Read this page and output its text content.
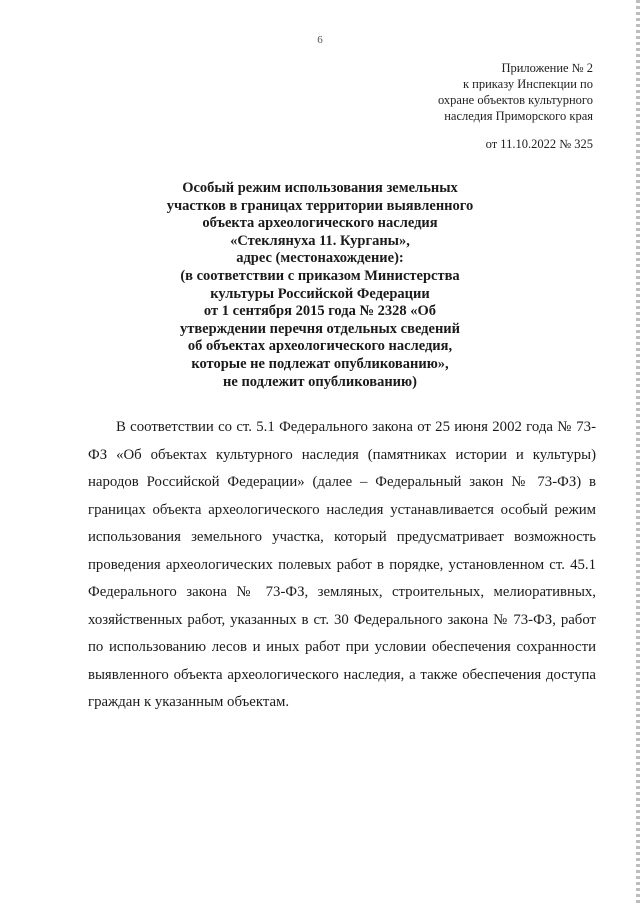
6
Приложение № 2
к приказу Инспекции по
охране объектов культурного
наследия Приморского края
от 11.10.2022 № 325
Особый режим использования земельных
участков в границах территории выявленного
объекта археологического наследия
«Стеклянуха 11. Курганы»,
адрес (местонахождение):
(в соответствии с приказом Министерства
культуры Российской Федерации
от 1 сентября 2015 года № 2328 «Об
утверждении перечня отдельных сведений
об объектах археологического наследия,
которые не подлежат опубликованию»,
не подлежит опубликованию)

В соответствии со ст. 5.1 Федерального закона от 25 июня 2002 года № 73-ФЗ «Об объектах культурного наследия (памятниках истории и культуры) народов Российской Федерации» (далее – Федеральный закон № 73-ФЗ) в границах объекта археологического наследия устанавливается особый режим использования земельного участка, который предусматривает возможность проведения археологических полевых работ в порядке, установленном ст. 45.1 Федерального закона № 73-ФЗ, земляных, строительных, мелиоративных, хозяйственных работ, указанных в ст. 30 Федерального закона № 73-ФЗ, работ по использованию лесов и иных работ при условии обеспечения сохранности выявленного объекта археологического наследия, а также обеспечения доступа граждан к указанным объектам.
